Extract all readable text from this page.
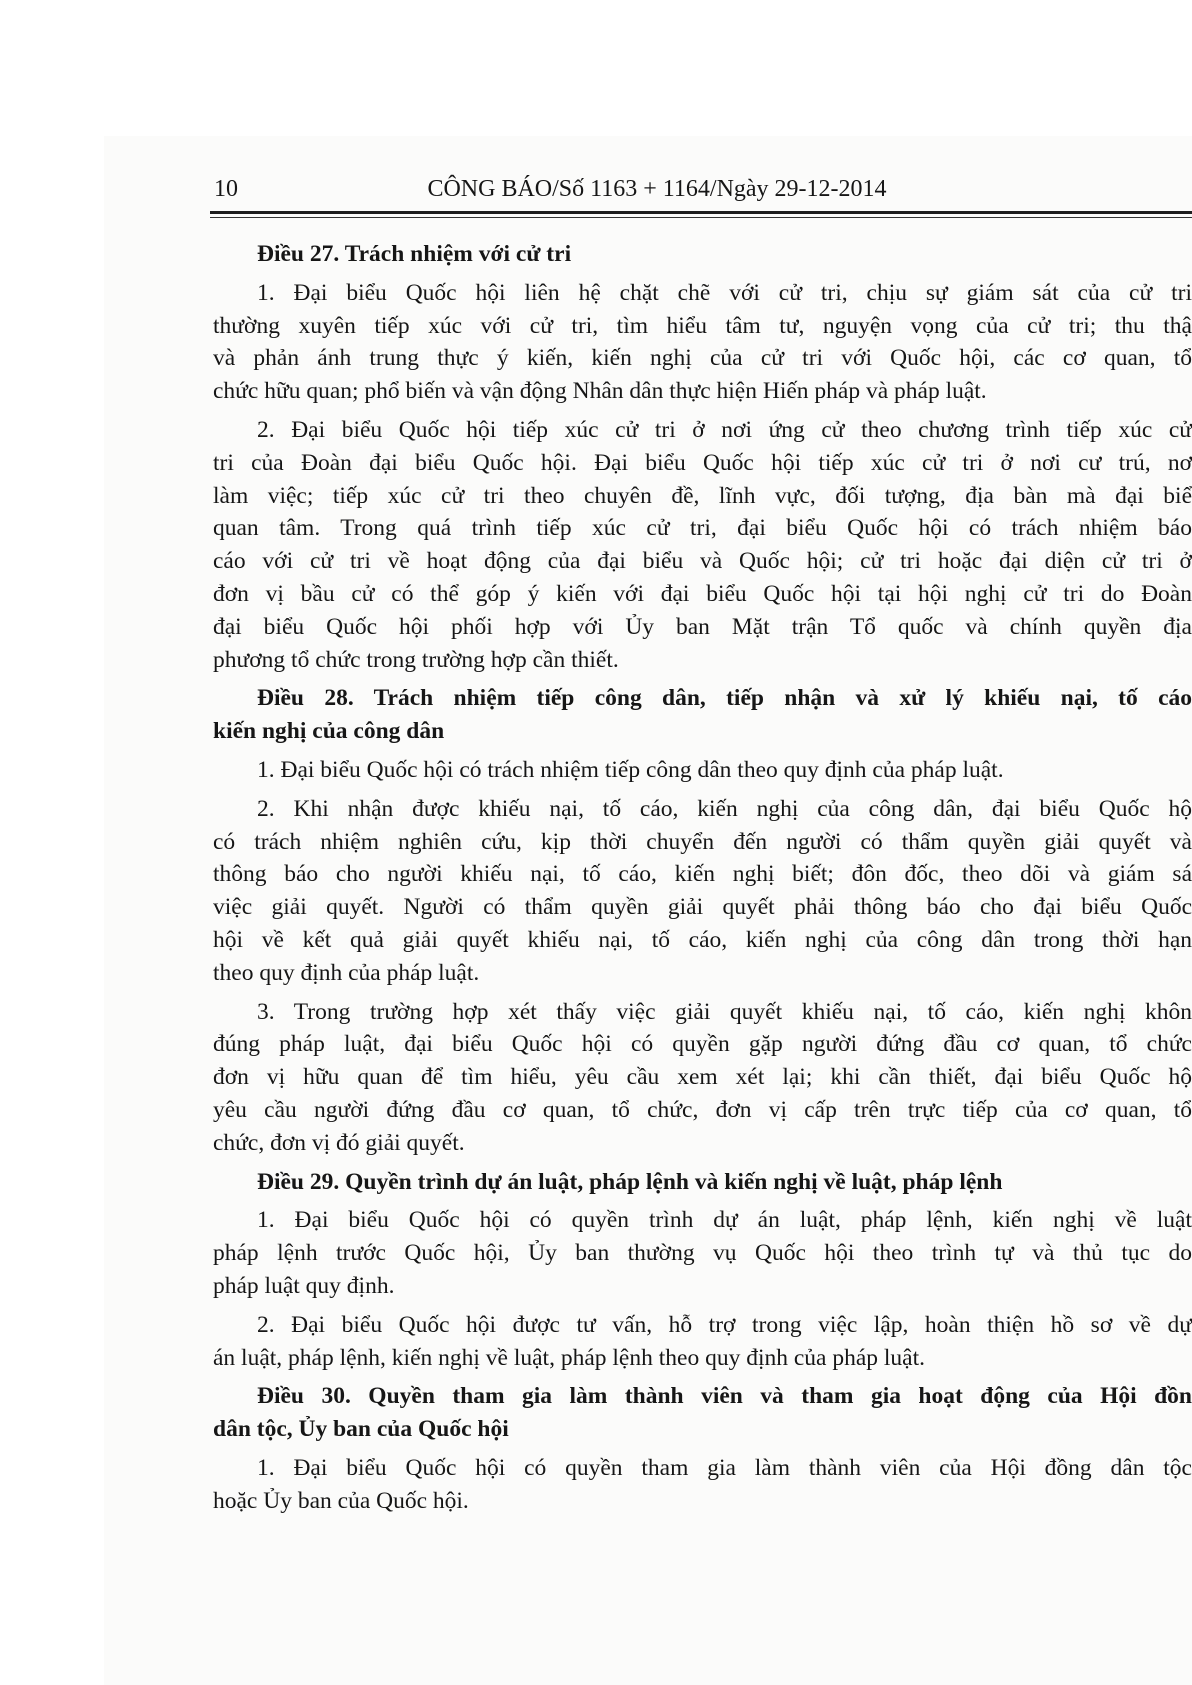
10	CÔNG BÁO/Số 1163 + 1164/Ngày 29-12-2014
Điều 27. Trách nhiệm với cử tri
1. Đại biểu Quốc hội liên hệ chặt chẽ với cử tri, chịu sự giám sát của cử tri
thường xuyên tiếp xúc với cử tri, tìm hiểu tâm tư, nguyện vọng của cử tri; thu thậ
và phản ánh trung thực ý kiến, kiến nghị của cử tri với Quốc hội, các cơ quan, tổ
chức hữu quan; phổ biến và vận động Nhân dân thực hiện Hiến pháp và pháp luật.
2. Đại biểu Quốc hội tiếp xúc cử tri ở nơi ứng cử theo chương trình tiếp xúc cử
tri của Đoàn đại biểu Quốc hội. Đại biểu Quốc hội tiếp xúc cử tri ở nơi cư trú, nơ
làm việc; tiếp xúc cử tri theo chuyên đề, lĩnh vực, đối tượng, địa bàn mà đại biể
quan tâm. Trong quá trình tiếp xúc cử tri, đại biểu Quốc hội có trách nhiệm báo
cáo với cử tri về hoạt động của đại biểu và Quốc hội; cử tri hoặc đại diện cử tri ở
đơn vị bầu cử có thể góp ý kiến với đại biểu Quốc hội tại hội nghị cử tri do Đoàn
đại biểu Quốc hội phối hợp với Ủy ban Mặt trận Tổ quốc và chính quyền địa
phương tổ chức trong trường hợp cần thiết.
Điều 28. Trách nhiệm tiếp công dân, tiếp nhận và xử lý khiếu nại, tố cáo
kiến nghị của công dân
1. Đại biểu Quốc hội có trách nhiệm tiếp công dân theo quy định của pháp luật.
2. Khi nhận được khiếu nại, tố cáo, kiến nghị của công dân, đại biểu Quốc hộ
có trách nhiệm nghiên cứu, kịp thời chuyển đến người có thẩm quyền giải quyết và
thông báo cho người khiếu nại, tố cáo, kiến nghị biết; đôn đốc, theo dõi và giám sá
việc giải quyết. Người có thẩm quyền giải quyết phải thông báo cho đại biểu Quốc
hội về kết quả giải quyết khiếu nại, tố cáo, kiến nghị của công dân trong thời hạn
theo quy định của pháp luật.
3. Trong trường hợp xét thấy việc giải quyết khiếu nại, tố cáo, kiến nghị khôn
đúng pháp luật, đại biểu Quốc hội có quyền gặp người đứng đầu cơ quan, tổ chức
đơn vị hữu quan để tìm hiểu, yêu cầu xem xét lại; khi cần thiết, đại biểu Quốc hộ
yêu cầu người đứng đầu cơ quan, tổ chức, đơn vị cấp trên trực tiếp của cơ quan, tổ
chức, đơn vị đó giải quyết.
Điều 29. Quyền trình dự án luật, pháp lệnh và kiến nghị về luật, pháp lệnh
1. Đại biểu Quốc hội có quyền trình dự án luật, pháp lệnh, kiến nghị về luật
pháp lệnh trước Quốc hội, Ủy ban thường vụ Quốc hội theo trình tự và thủ tục do
pháp luật quy định.
2. Đại biểu Quốc hội được tư vấn, hỗ trợ trong việc lập, hoàn thiện hồ sơ về dự
án luật, pháp lệnh, kiến nghị về luật, pháp lệnh theo quy định của pháp luật.
Điều 30. Quyền tham gia làm thành viên và tham gia hoạt động của Hội đồn
dân tộc, Ủy ban của Quốc hội
1. Đại biểu Quốc hội có quyền tham gia làm thành viên của Hội đồng dân tộc
hoặc Ủy ban của Quốc hội.
